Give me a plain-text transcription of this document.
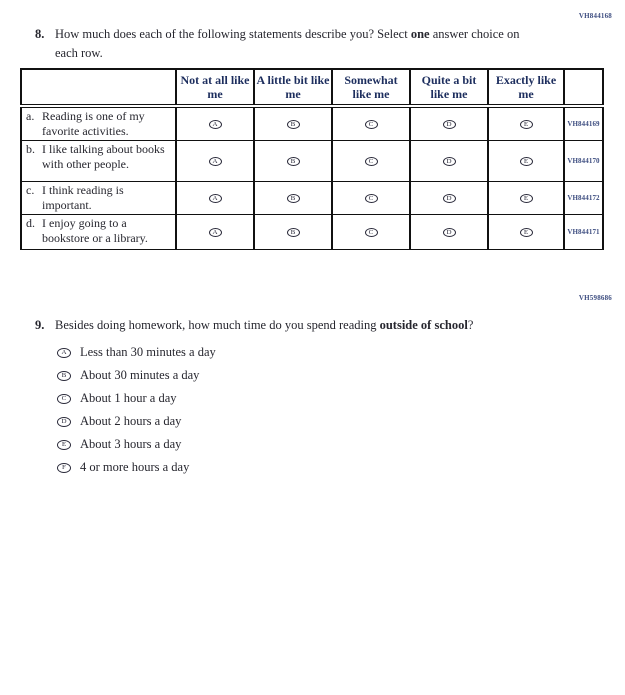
VH844168
8. How much does each of the following statements describe you? Select one answer choice on each row.
	Not at all like me	A little bit like me	Somewhat like me	Quite a bit like me	Exactly like me	

a. Reading is one of my favorite activities.	A	B	C	D	E	VH844169

b. I like talking about books with other people.	A	B	C	D	E	VH844170

c. I think reading is important.	A	B	C	D	E	VH844172

d. I enjoy going to a bookstore or a library.	A	B	C	D	E	VH844171
VH598686
9. Besides doing homework, how much time do you spend reading outside of school?
A Less than 30 minutes a day
B About 30 minutes a day
C About 1 hour a day
D About 2 hours a day
E About 3 hours a day
F 4 or more hours a day
